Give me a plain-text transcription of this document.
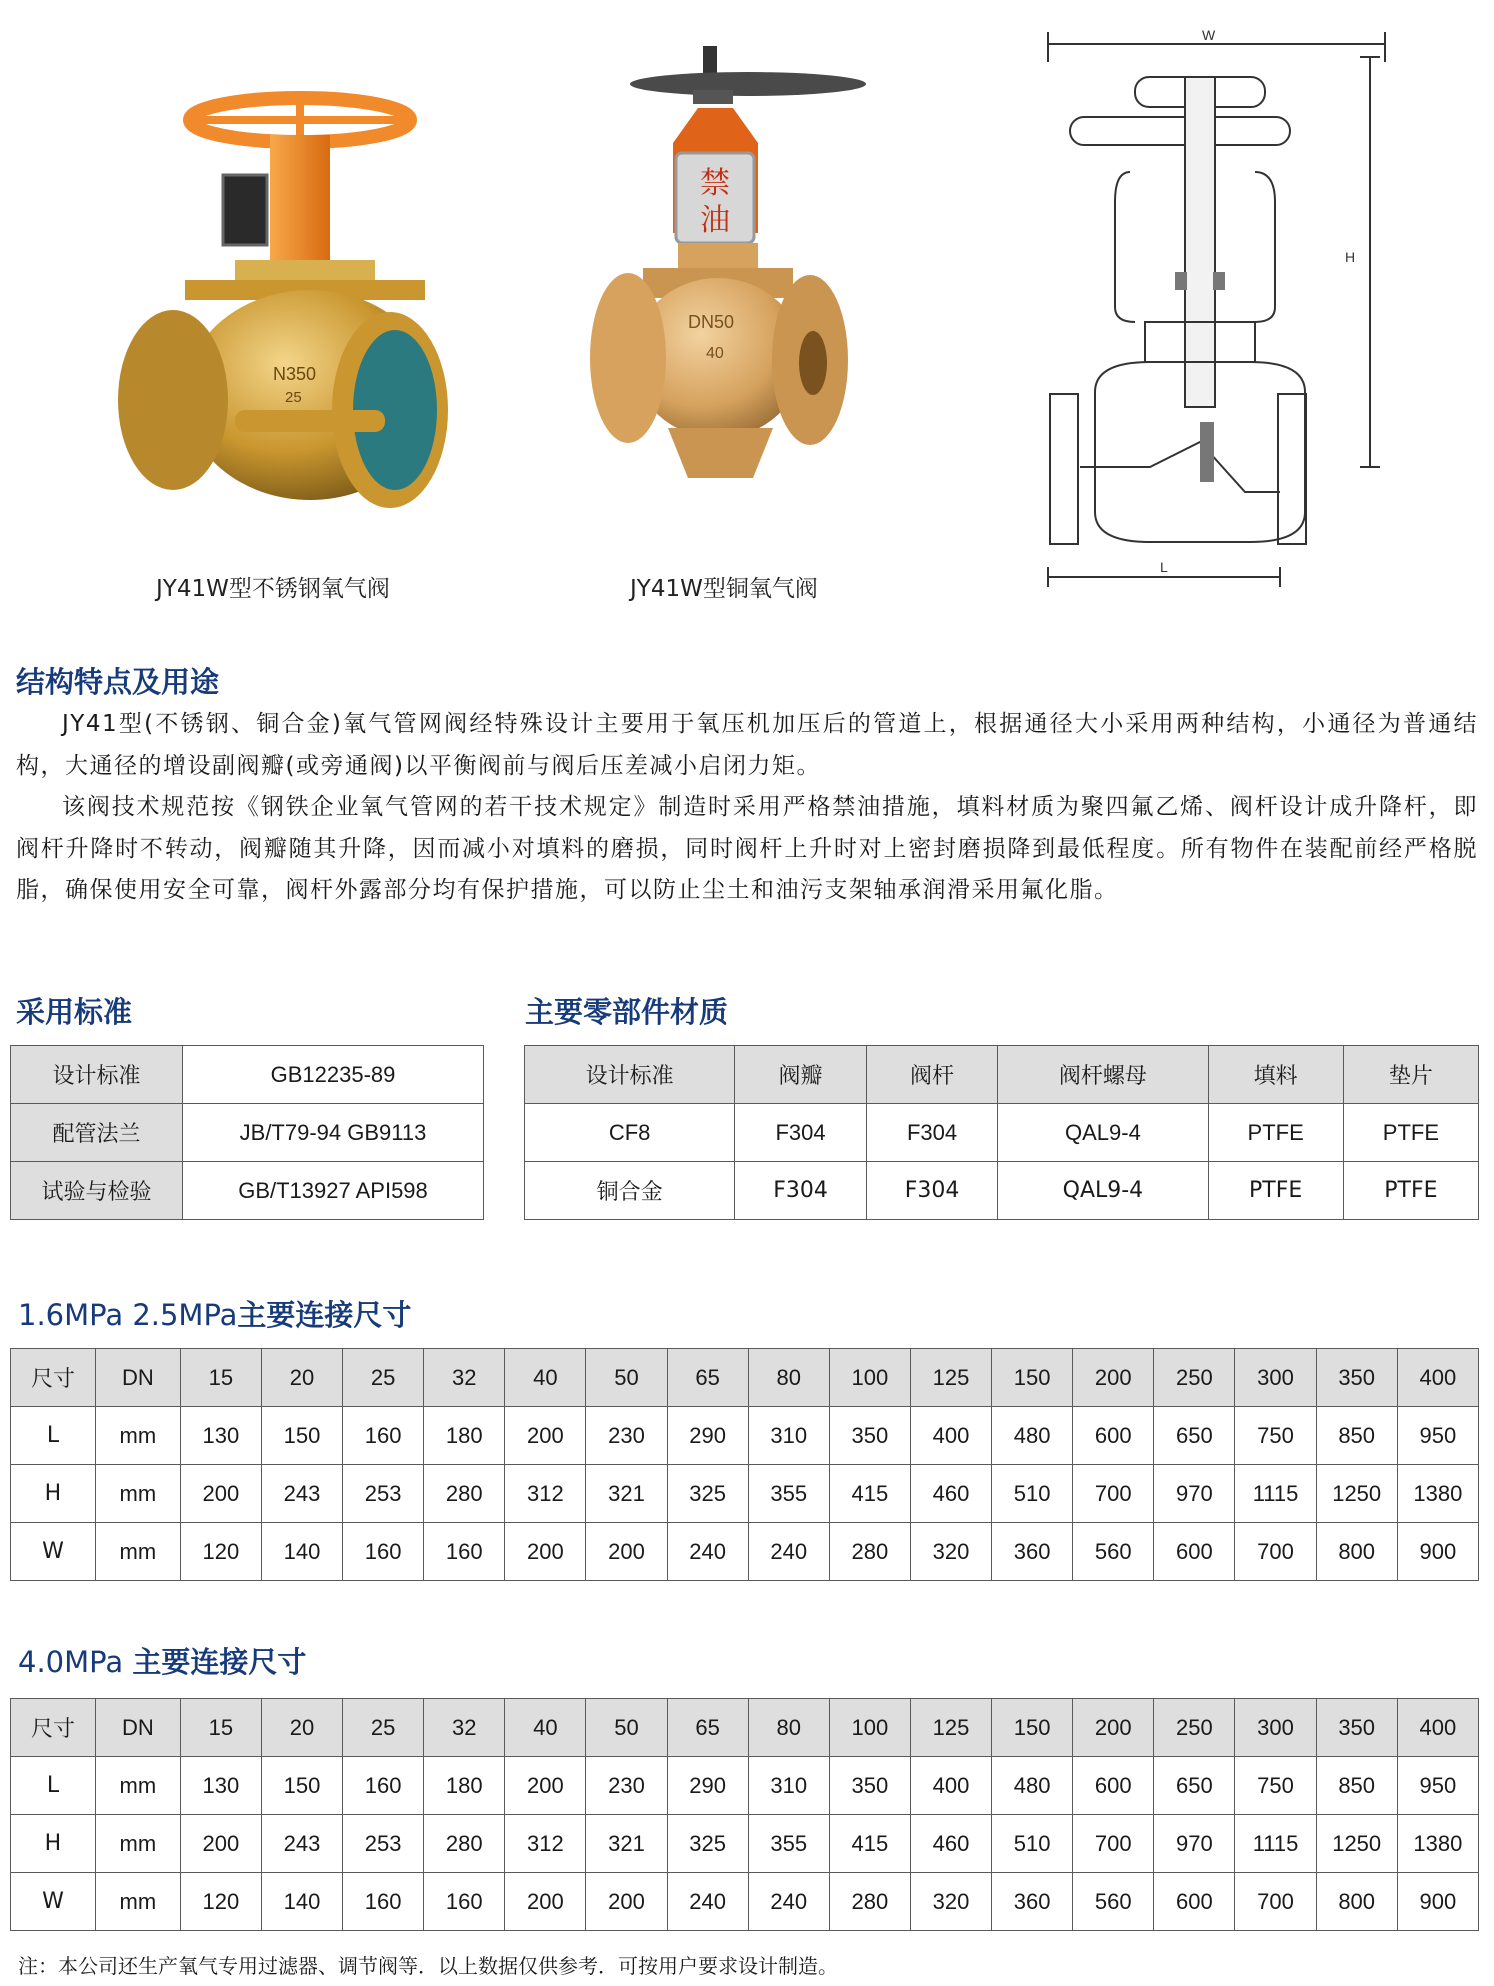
N350
25
禁
油
DN50
40
W
H
L
JY41W型不锈钢氧气阀	JY41W型铜氧气阀
结构特点及用途

JY41型(不锈钢、铜合金)氧气管网阀经特殊设计主要用于氧压机加压后的管道上，根据通径大小采用两种结构，小通径为普通结构，大通径的增设副阀瓣(或旁通阀)以平衡阀前与阀后压差减小启闭力矩。

该阀技术规范按《钢铁企业氧气管网的若干技术规定》制造时采用严格禁油措施，填料材质为聚四氟乙烯、阀杆设计成升降杆，即阀杆升降时不转动，阀瓣随其升降，因而减小对填料的磨损，同时阀杆上升时对上密封磨损降到最低程度。所有物件在装配前经严格脱脂，确保使用安全可靠，阀杆外露部分均有保护措施，可以防止尘土和油污支架轴承润滑采用氟化脂。

采用标准	主要零部件材质
设计标准	GB12235-89
配管法兰	JB/T79-94 GB9113
试验与检验	GB/T13927 API598
设计标准	阀瓣	阀杆	阀杆螺母	填料	垫片
CF8	F304	F304	QAL9-4	PTFE	PTFE
铜合金	F304	F304	QAL9-4	PTFE	PTFE
1.6MPa 2.5MPa主要连接尺寸
尺寸	DN	15	20	25	32	40	50	65	80	100	125	150	200	250	300	350	400
L	mm	130	150	160	180	200	230	290	310	350	400	480	600	650	750	850	950
H	mm	200	243	253	280	312	321	325	355	415	460	510	700	970	1115	1250	1380
W	mm	120	140	160	160	200	200	240	240	280	320	360	560	600	700	800	900
4.0MPa 主要连接尺寸
尺寸	DN	15	20	25	32	40	50	65	80	100	125	150	200	250	300	350	400
L	mm	130	150	160	180	200	230	290	310	350	400	480	600	650	750	850	950
H	mm	200	243	253	280	312	321	325	355	415	460	510	700	970	1115	1250	1380
W	mm	120	140	160	160	200	200	240	240	280	320	360	560	600	700	800	900
注：本公司还生产氧气专用过滤器、调节阀等．以上数据仅供参考．可按用户要求设计制造。
